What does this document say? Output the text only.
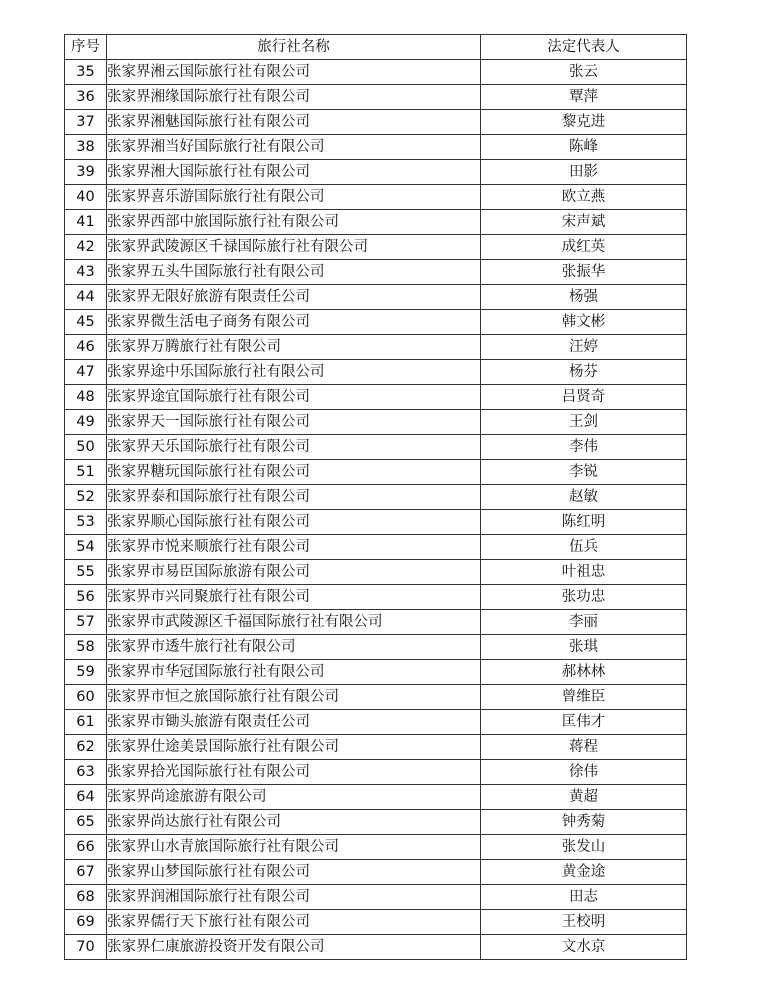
序号	旅行社名称	法定代表人
35	张家界湘云国际旅行社有限公司	张云
36	张家界湘缘国际旅行社有限公司	覃萍
37	张家界湘魅国际旅行社有限公司	黎克进
38	张家界湘当好国际旅行社有限公司	陈峰
39	张家界湘大国际旅行社有限公司	田影
40	张家界喜乐游国际旅行社有限公司	欧立燕
41	张家界西部中旅国际旅行社有限公司	宋声斌
42	张家界武陵源区千禄国际旅行社有限公司	成红英
43	张家界五头牛国际旅行社有限公司	张振华
44	张家界无限好旅游有限责任公司	杨强
45	张家界微生活电子商务有限公司	韩文彬
46	张家界万腾旅行社有限公司	汪婷
47	张家界途中乐国际旅行社有限公司	杨芬
48	张家界途宜国际旅行社有限公司	吕贤奇
49	张家界天一国际旅行社有限公司	王剑
50	张家界天乐国际旅行社有限公司	李伟
51	张家界糖玩国际旅行社有限公司	李锐
52	张家界泰和国际旅行社有限公司	赵敏
53	张家界顺心国际旅行社有限公司	陈红明
54	张家界市悦来顺旅行社有限公司	伍兵
55	张家界市易臣国际旅游有限公司	叶祖忠
56	张家界市兴同聚旅行社有限公司	张功忠
57	张家界市武陵源区千福国际旅行社有限公司	李丽
58	张家界市透牛旅行社有限公司	张琪
59	张家界市华冠国际旅行社有限公司	郝林林
60	张家界市恒之旅国际旅行社有限公司	曾维臣
61	张家界市锄头旅游有限责任公司	匡伟才
62	张家界仕途美景国际旅行社有限公司	蒋程
63	张家界拾光国际旅行社有限公司	徐伟
64	张家界尚途旅游有限公司	黄超
65	张家界尚达旅行社有限公司	钟秀菊
66	张家界山水青旅国际旅行社有限公司	张发山
67	张家界山梦国际旅行社有限公司	黄金途
68	张家界润湘国际旅行社有限公司	田志
69	张家界儒行天下旅行社有限公司	王校明
70	张家界仁康旅游投资开发有限公司	文水京
